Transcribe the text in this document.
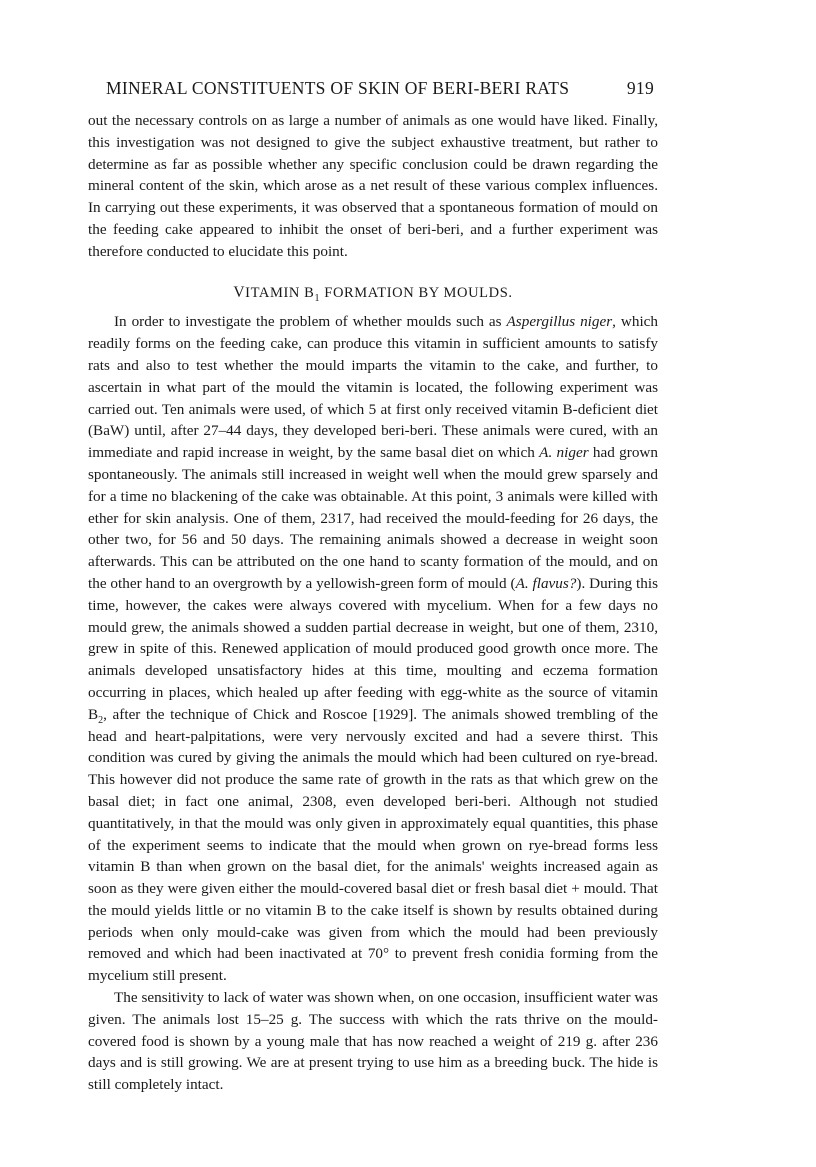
MINERAL CONSTITUENTS OF SKIN OF BERI-BERI RATS	919

out the necessary controls on as large a number of animals as one would have liked. Finally, this investigation was not designed to give the subject exhaustive treatment, but rather to determine as far as possible whether any specific conclusion could be drawn regarding the mineral content of the skin, which arose as a net result of these various complex influences. In carrying out these experiments, it was observed that a spontaneous formation of mould on the feeding cake appeared to inhibit the onset of beri-beri, and a further experiment was therefore conducted to elucidate this point.

VITAMIN $B_1$ FORMATION BY MOULDS.

In order to investigate the problem of whether moulds such as Aspergillus niger, which readily forms on the feeding cake, can produce this vitamin in sufficient amounts to satisfy rats and also to test whether the mould imparts the vitamin to the cake, and further, to ascertain in what part of the mould the vitamin is located, the following experiment was carried out. Ten animals were used, of which 5 at first only received vitamin B-deficient diet (BaW) until, after 27–44 days, they developed beri-beri. These animals were cured, with an immediate and rapid increase in weight, by the same basal diet on which A. niger had grown spontaneously. The animals still increased in weight well when the mould grew sparsely and for a time no blackening of the cake was obtainable. At this point, 3 animals were killed with ether for skin analysis. One of them, 2317, had received the mould-feeding for 26 days, the other two, for 56 and 50 days. The remaining animals showed a decrease in weight soon afterwards. This can be attributed on the one hand to scanty formation of the mould, and on the other hand to an overgrowth by a yellowish-green form of mould (A. flavus?). During this time, however, the cakes were always covered with mycelium. When for a few days no mould grew, the animals showed a sudden partial decrease in weight, but one of them, 2310, grew in spite of this. Renewed application of mould produced good growth once more. The animals developed unsatisfactory hides at this time, moulting and eczema formation occurring in places, which healed up after feeding with egg-white as the source of vitamin $B_2$, after the technique of Chick and Roscoe [1929]. The animals showed trembling of the head and heart-palpitations, were very nervously excited and had a severe thirst. This condition was cured by giving the animals the mould which had been cultured on rye-bread. This however did not produce the same rate of growth in the rats as that which grew on the basal diet; in fact one animal, 2308, even developed beri-beri. Although not studied quantitatively, in that the mould was only given in approximately equal quantities, this phase of the experiment seems to indicate that the mould when grown on rye-bread forms less vitamin B than when grown on the basal diet, for the animals' weights increased again as soon as they were given either the mould-covered basal diet or fresh basal diet + mould. That the mould yields little or no vitamin B to the cake itself is shown by results obtained during periods when only mould-cake was given from which the mould had been previously removed and which had been inactivated at 70° to prevent fresh conidia forming from the mycelium still present.

The sensitivity to lack of water was shown when, on one occasion, insufficient water was given. The animals lost 15–25 g. The success with which the rats thrive on the mould-covered food is shown by a young male that has now reached a weight of 219 g. after 236 days and is still growing. We are at present trying to use him as a breeding buck. The hide is still completely intact.
